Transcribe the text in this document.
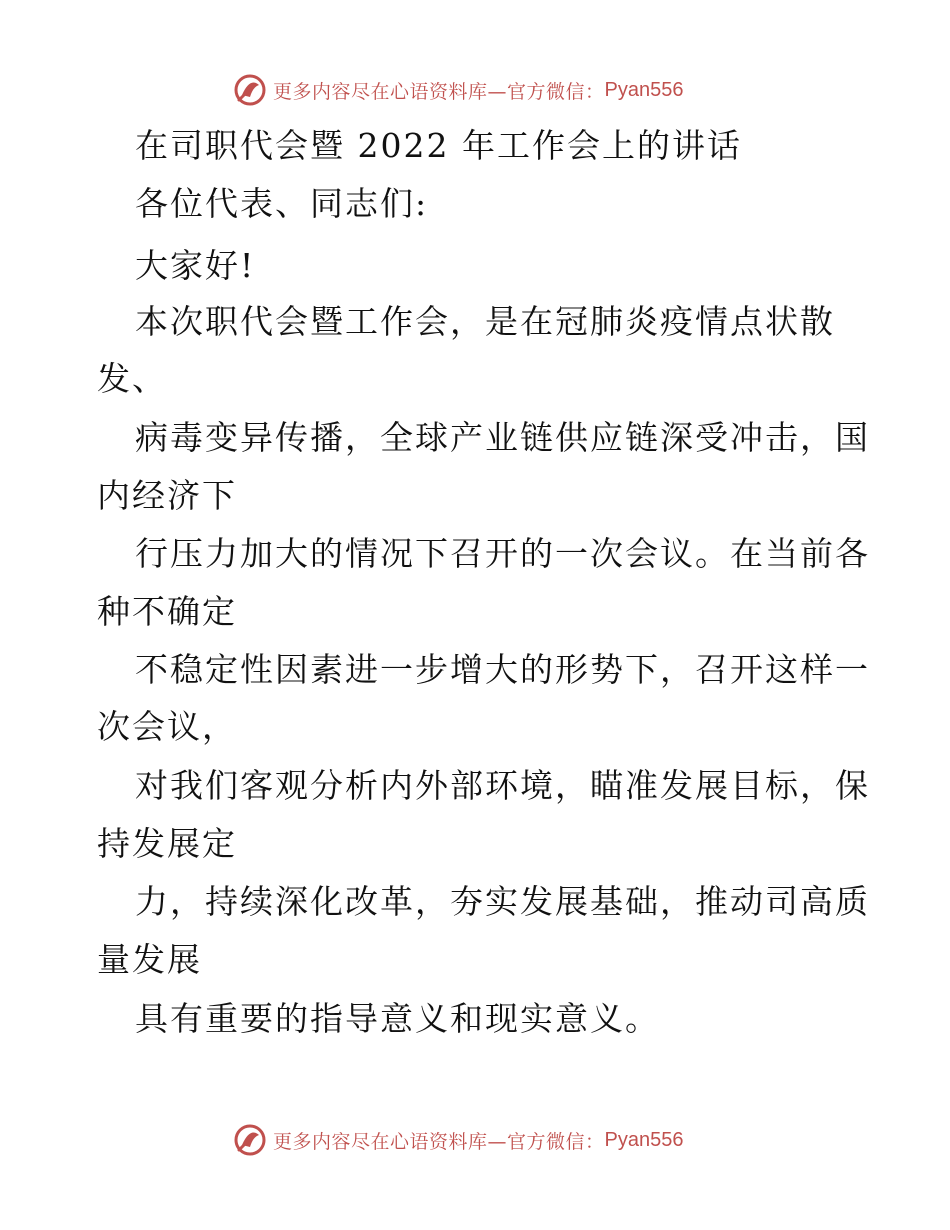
更多内容尽在心语资料库—官方微信： Pyan556
在司职代会暨 2022 年工作会上的讲话
各位代表、同志们:
大家好!
本次职代会暨工作会，是在冠肺炎疫情点状散
发、
病毒变异传播，全球产业链供应链深受冲击，国
内经济下
行压力加大的情况下召开的一次会议。在当前各
种不确定
不稳定性因素进一步增大的形势下，召开这样一
次会议，
对我们客观分析内外部环境，瞄准发展目标，保
持发展定
力，持续深化改革，夯实发展基础，推动司高质
量发展
具有重要的指导意义和现实意义。
更多内容尽在心语资料库—官方微信： Pyan556
